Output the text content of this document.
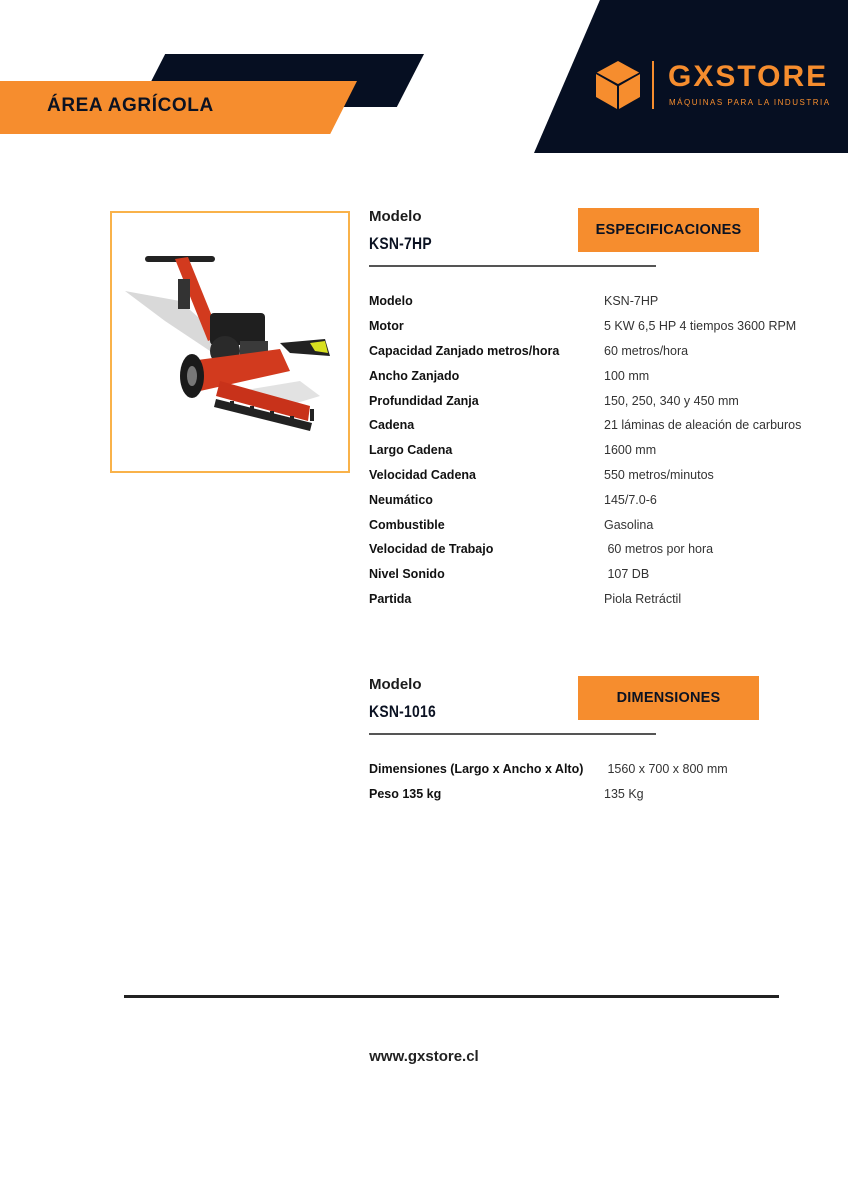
ÁREA AGRÍCOLA
GXSTORE
MÁQUINAS PARA LA INDUSTRIA
Modelo
KSN-7HP
ESPECIFICACIONES
Modelo	KSN-7HP
Motor	5 KW 6,5 HP 4 tiempos 3600 RPM
Capacidad Zanjado metros/hora	60 metros/hora
Ancho Zanjado	100 mm
Profundidad Zanja	150, 250, 340 y 450 mm
Cadena	21 láminas de aleación de carburos
Largo Cadena	1600 mm
Velocidad Cadena	550 metros/minutos
Neumático	145/7.0-6
Combustible	Gasolina
Velocidad de Trabajo	60 metros por hora
Nivel Sonido	107 DB
Partida	Piola Retráctil
Modelo
KSN-1016
DIMENSIONES
Dimensiones (Largo x Ancho x Alto)	1560 x 700 x 800 mm
Peso 135 kg	135 Kg
www.gxstore.cl
